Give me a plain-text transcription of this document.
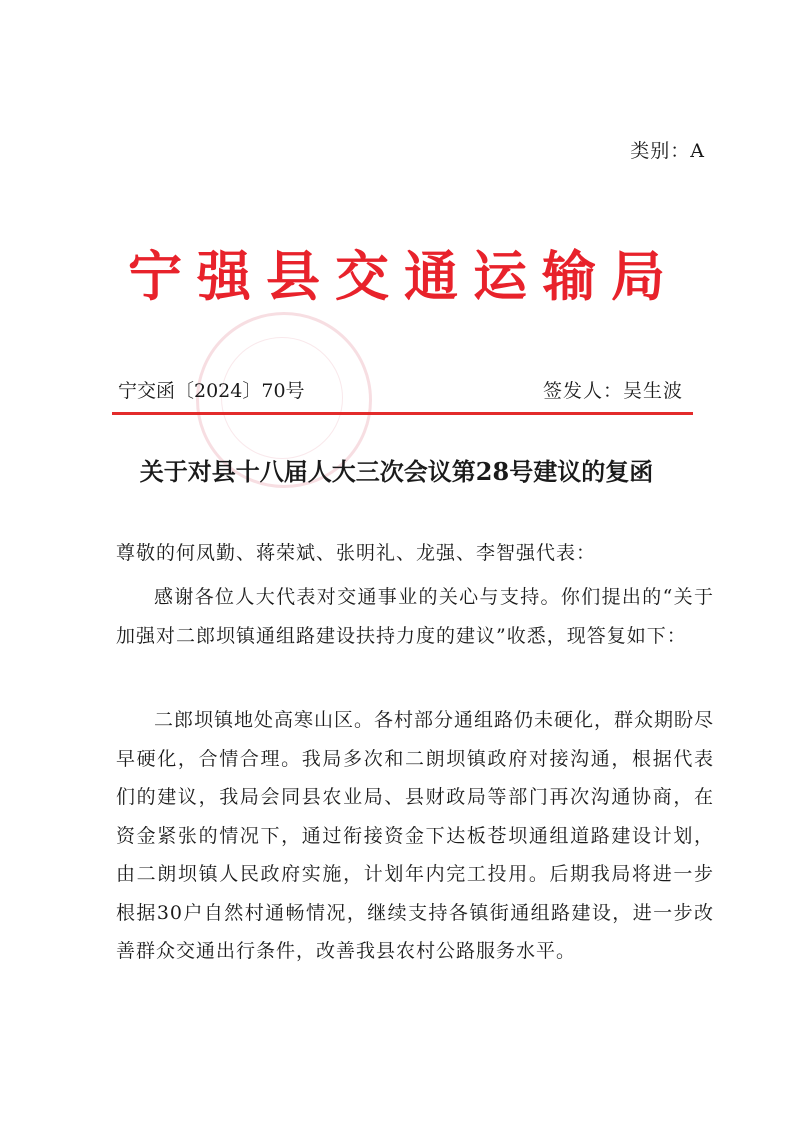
类别：A
宁强县交通运输局
宁交函〔2024〕70号	签发人：吴生波
关于对县十八届人大三次会议第28号建议的复函
尊敬的何凤勤、蒋荣斌、张明礼、龙强、李智强代表：

感谢各位人大代表对交通事业的关心与支持。你们提出的“关于加强对二郎坝镇通组路建设扶持力度的建议”收悉，现答复如下：

二郎坝镇地处高寒山区。各村部分通组路仍未硬化，群众期盼尽早硬化，合情合理。我局多次和二朗坝镇政府对接沟通，根据代表们的建议，我局会同县农业局、县财政局等部门再次沟通协商，在资金紧张的情况下，通过衔接资金下达板苍坝通组道路建设计划，由二朗坝镇人民政府实施，计划年内完工投用。后期我局将进一步根据30户自然村通畅情况，继续支持各镇街通组路建设，进一步改善群众交通出行条件，改善我县农村公路服务水平。
